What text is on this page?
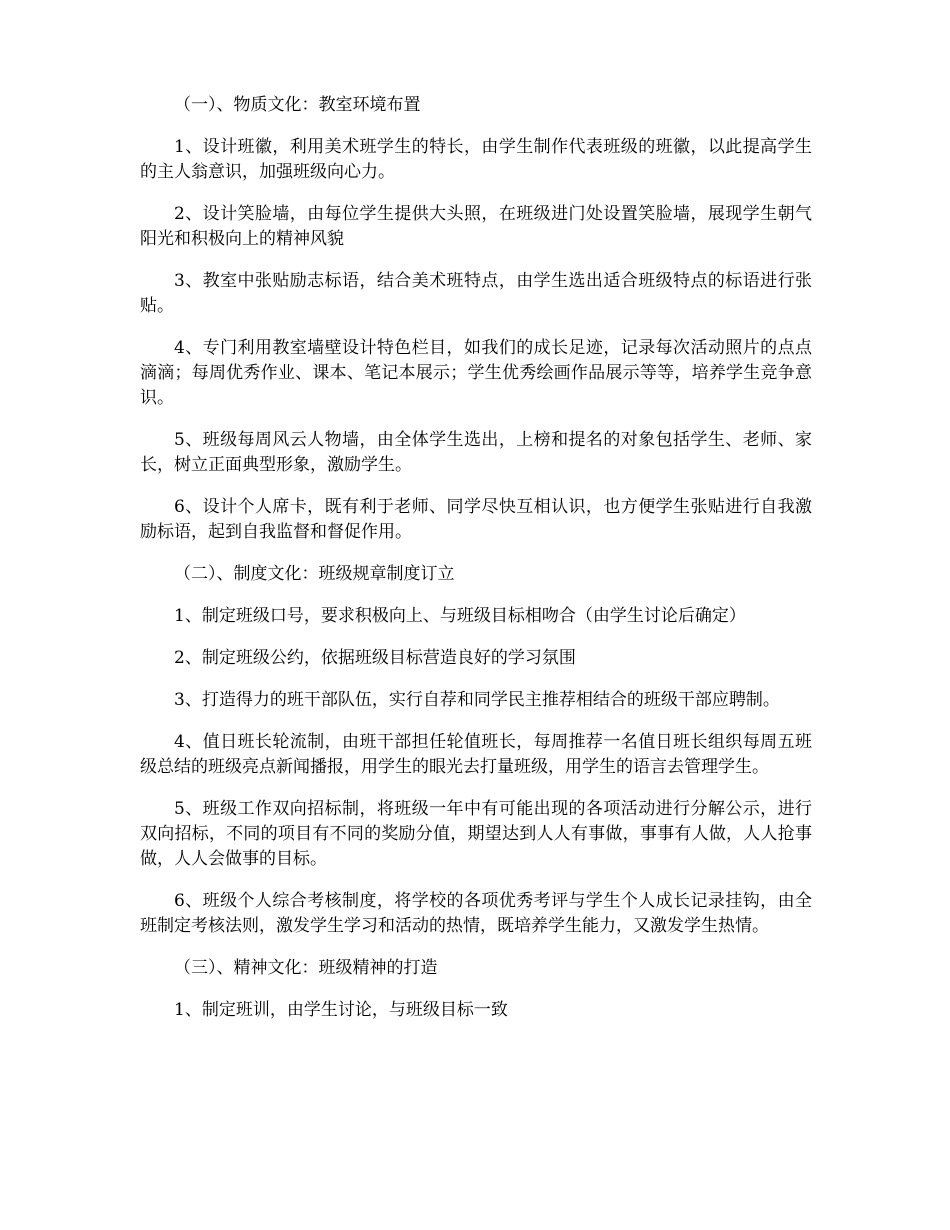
（一）、物质文化：教室环境布置

1、设计班徽，利用美术班学生的特长，由学生制作代表班级的班徽，以此提高学生的主人翁意识，加强班级向心力。

2、设计笑脸墙，由每位学生提供大头照，在班级进门处设置笑脸墙，展现学生朝气阳光和积极向上的精神风貌

3、教室中张贴励志标语，结合美术班特点，由学生选出适合班级特点的标语进行张贴。

4、专门利用教室墙壁设计特色栏目，如我们的成长足迹，记录每次活动照片的点点滴滴；每周优秀作业、课本、笔记本展示；学生优秀绘画作品展示等等，培养学生竞争意识。

5、班级每周风云人物墙，由全体学生选出，上榜和提名的对象包括学生、老师、家长，树立正面典型形象，激励学生。

6、设计个人席卡，既有利于老师、同学尽快互相认识，也方便学生张贴进行自我激励标语，起到自我监督和督促作用。

（二）、制度文化：班级规章制度订立

1、制定班级口号，要求积极向上、与班级目标相吻合（由学生讨论后确定）

2、制定班级公约，依据班级目标营造良好的学习氛围

3、打造得力的班干部队伍，实行自荐和同学民主推荐相结合的班级干部应聘制。

4、值日班长轮流制，由班干部担任轮值班长，每周推荐一名值日班长组织每周五班级总结的班级亮点新闻播报，用学生的眼光去打量班级，用学生的语言去管理学生。

5、班级工作双向招标制，将班级一年中有可能出现的各项活动进行分解公示，进行双向招标，不同的项目有不同的奖励分值，期望达到人人有事做，事事有人做，人人抢事做，人人会做事的目标。

6、班级个人综合考核制度，将学校的各项优秀考评与学生个人成长记录挂钩，由全班制定考核法则，激发学生学习和活动的热情，既培养学生能力，又激发学生热情。

（三）、精神文化：班级精神的打造

1、制定班训，由学生讨论，与班级目标一致
